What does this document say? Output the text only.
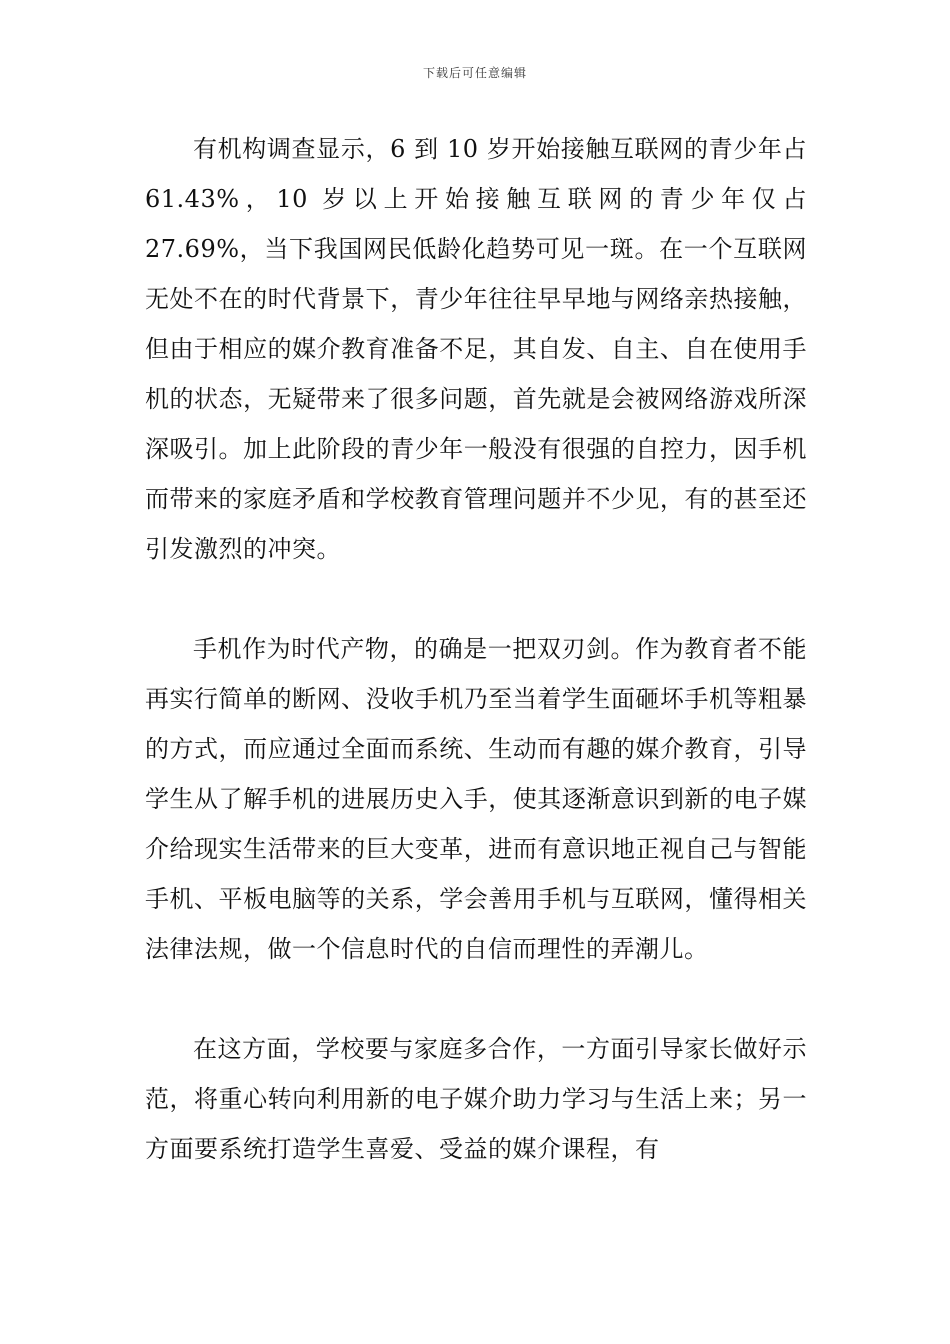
下载后可任意编辑

有机构调查显示，6 到 10 岁开始接触互联网的青少年占 61.43%，10 岁以上开始接触互联网的青少年仅占 27.69%，当下我国网民低龄化趋势可见一斑。在一个互联网无处不在的时代背景下，青少年往往早早地与网络亲热接触，但由于相应的媒介教育准备不足，其自发、自主、自在使用手机的状态，无疑带来了很多问题，首先就是会被网络游戏所深深吸引。加上此阶段的青少年一般没有很强的自控力，因手机而带来的家庭矛盾和学校教育管理问题并不少见，有的甚至还引发激烈的冲突。

手机作为时代产物，的确是一把双刃剑。作为教育者不能再实行简单的断网、没收手机乃至当着学生面砸坏手机等粗暴的方式，而应通过全面而系统、生动而有趣的媒介教育，引导学生从了解手机的进展历史入手，使其逐渐意识到新的电子媒介给现实生活带来的巨大变革，进而有意识地正视自己与智能手机、平板电脑等的关系，学会善用手机与互联网，懂得相关法律法规，做一个信息时代的自信而理性的弄潮儿。

在这方面，学校要与家庭多合作，一方面引导家长做好示范，将重心转向利用新的电子媒介助力学习与生活上来；另一方面要系统打造学生喜爱、受益的媒介课程，有
